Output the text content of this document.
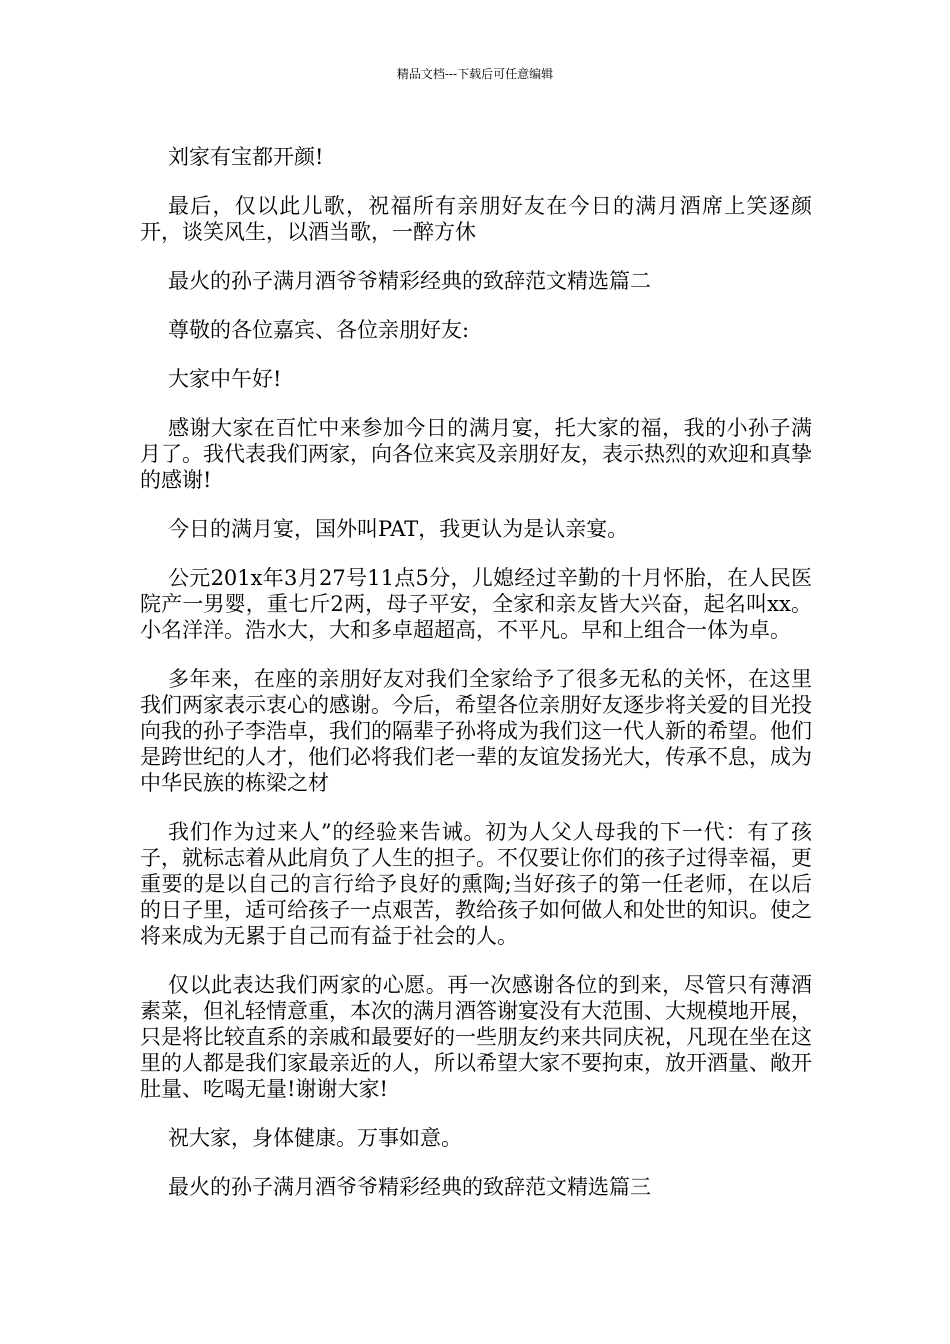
精品文档---下载后可任意编辑

刘家有宝都开颜!

最后，仅以此儿歌，祝福所有亲朋好友在今日的满月酒席上笑逐颜开，谈笑风生，以酒当歌，一醉方休

最火的孙子满月酒爷爷精彩经典的致辞范文精选篇二

尊敬的各位嘉宾、各位亲朋好友:

大家中午好!

感谢大家在百忙中来参加今日的满月宴，托大家的福，我的小孙子满月了。我代表我们两家，向各位来宾及亲朋好友，表示热烈的欢迎和真挚的感谢!

今日的满月宴，国外叫PAT，我更认为是认亲宴。

公元201x年3月27号11点5分，儿媳经过辛勤的十月怀胎，在人民医院产一男婴，重七斤2两，母子平安，全家和亲友皆大兴奋，起名叫xx。小名洋洋。浩水大，大和多卓超超高，不平凡。早和上组合一体为卓。

多年来，在座的亲朋好友对我们全家给予了很多无私的关怀，在这里我们两家表示衷心的感谢。今后，希望各位亲朋好友逐步将关爱的目光投向我的孙子李浩卓，我们的隔辈子孙将成为我们这一代人新的希望。他们是跨世纪的人才，他们必将我们老一辈的友谊发扬光大，传承不息，成为中华民族的栋梁之材

我们作为过来人”的经验来告诫。初为人父人母我的下一代：有了孩子，就标志着从此肩负了人生的担子。不仅要让你们的孩子过得幸福，更重要的是以自己的言行给予良好的熏陶;当好孩子的第一任老师，在以后的日子里，适可给孩子一点艰苦，教给孩子如何做人和处世的知识。使之将来成为无累于自己而有益于社会的人。

仅以此表达我们两家的心愿。再一次感谢各位的到来，尽管只有薄酒素菜，但礼轻情意重，本次的满月酒答谢宴没有大范围、大规模地开展，只是将比较直系的亲戚和最要好的一些朋友约来共同庆祝，凡现在坐在这里的人都是我们家最亲近的人，所以希望大家不要拘束，放开酒量、敞开肚量、吃喝无量!谢谢大家!

祝大家，身体健康。万事如意。

最火的孙子满月酒爷爷精彩经典的致辞范文精选篇三
